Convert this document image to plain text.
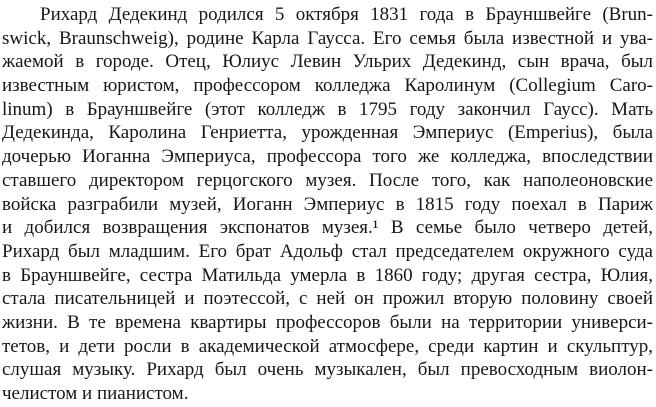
Рихард Дедекинд родился 5 октября 1831 года в Брауншвейге (Brun-
swick, Braunschweig), родине Карла Гаусса. Его семья была известной и ува-
жаемой в городе. Отец, Юлиус Левин Ульрих Дедекинд, сын врача, был
известным юристом, профессором колледжа Каролинум (Collegium Caro-
linum) в Брауншвейге (этот колледж в 1795 году закончил Гаусс). Мать
Дедекинда, Каролина Генриетта, урожденная Эмпериус (Emperius), была
дочерью Иоганна Эмпериуса, профессора того же колледжа, впоследствии
ставшего директором герцогского музея. После того, как наполеоновские
войска разграбили музей, Иоганн Эмпериус в 1815 году поехал в Париж
и добился возвращения экспонатов музея.¹ В семье было четверо детей,
Рихард был младшим. Его брат Адольф стал председателем окружного суда
в Брауншвейге, сестра Матильда умерла в 1860 году; другая сестра, Юлия,
стала писательницей и поэтессой, с ней он прожил вторую половину своей
жизни. В те времена квартиры профессоров были на территории универси-
тетов, и дети росли в академической атмосфере, среди картин и скульптур,
слушая музыку. Рихард был очень музыкален, был превосходным виолон-
челистом и пианистом.
